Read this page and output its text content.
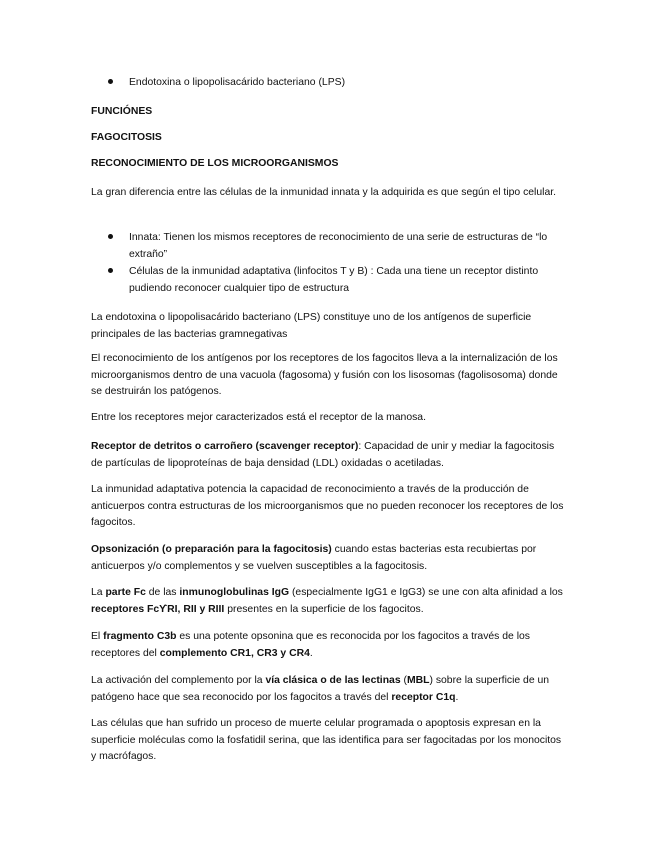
Endotoxina o lipopolisacárido bacteriano (LPS)

FUNCIÓNES

FAGOCITOSIS

RECONOCIMIENTO DE LOS MICROORGANISMOS

La gran diferencia entre las células de la inmunidad innata y la adquirida es que según el tipo celular.

Innata: Tienen los mismos receptores de reconocimiento de una serie de estructuras de “lo extraño”

Células de la inmunidad adaptativa (linfocitos T y B) : Cada una tiene un receptor distinto pudiendo reconocer cualquier tipo de estructura

La endotoxina o lipopolisacárido bacteriano (LPS) constituye uno de los antígenos de superficie principales de las bacterias gramnegativas

El reconocimiento de los antígenos por los receptores de los fagocitos lleva a la internalización de los microorganismos dentro de una vacuola (fagosoma) y fusión con los lisosomas (fagolisosoma) donde se destruirán los patógenos.

Entre los receptores mejor caracterizados está el receptor de la manosa.

Receptor de detritos o carroñero (scavenger receptor): Capacidad de unir y mediar la fagocitosis de partículas de lipoproteínas de baja densidad (LDL) oxidadas o acetiladas.

La inmunidad adaptativa potencia la capacidad de reconocimiento a través de la producción de anticuerpos contra estructuras de los microorganismos que no pueden reconocer los receptores de los fagocitos.

Opsonización (o preparación para la fagocitosis) cuando estas bacterias esta recubiertas por anticuerpos y/o complementos y se vuelven susceptibles a la fagocitosis.

La parte Fc de las inmunoglobulinas IgG (especialmente IgG1 e IgG3) se une con alta afinidad a los receptores FcϒRI, RII y RIII presentes en la superficie de los fagocitos.

El fragmento C3b es una potente opsonina que es reconocida por los fagocitos a través de los receptores del complemento CR1, CR3 y CR4.

La activación del complemento por la vía clásica o de las lectinas (MBL) sobre la superficie de un patógeno hace que sea reconocido por los fagocitos a través del receptor C1q.

Las células que han sufrido un proceso de muerte celular programada o apoptosis expresan en la superficie moléculas como la fosfatidil serina, que las identifica para ser fagocitadas por los monocitos y macrófagos.
